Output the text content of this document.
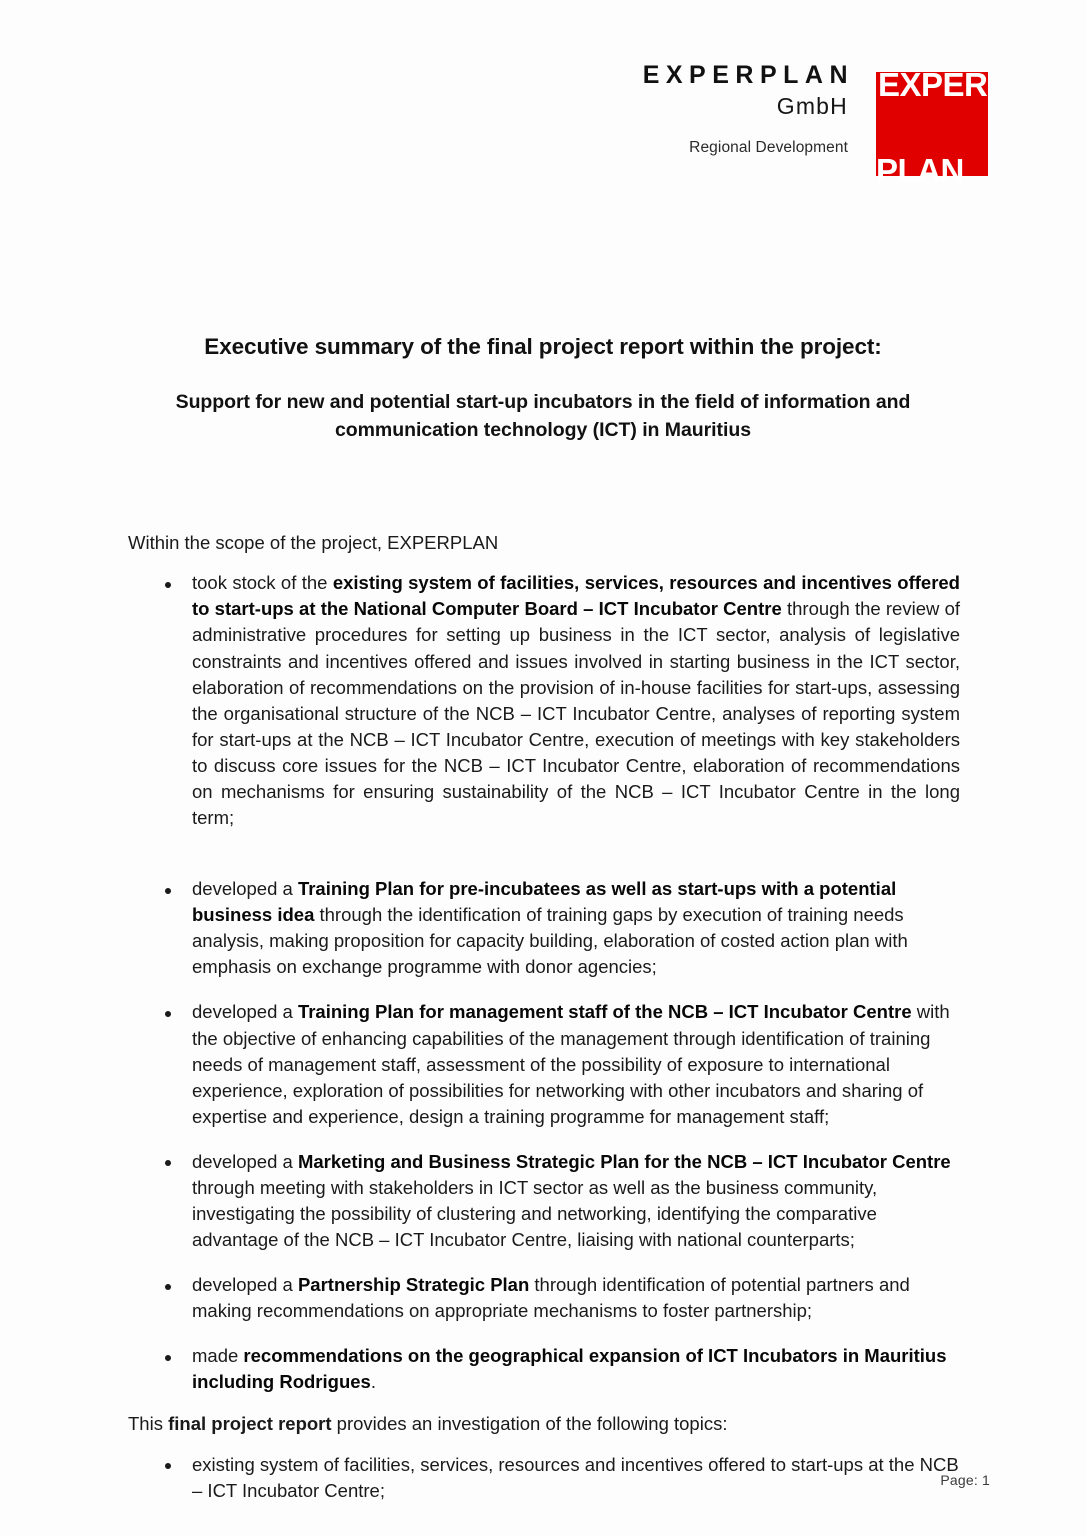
EXPERPLAN
GmbH
Regional Development
EXPER
PLAN
Executive summary of the final project report within the project:
Support for new and potential start-up incubators in the field of information and communication technology (ICT) in Mauritius

Within the scope of the project, EXPERPLAN

took stock of the existing system of facilities, services, resources and incentives offered to start-ups at the National Computer Board – ICT Incubator Centre through the review of administrative procedures for setting up business in the ICT sector, analysis of legislative constraints and incentives offered and issues involved in starting business in the ICT sector, elaboration of recommendations on the provision of in-house facilities for start-ups, assessing the organisational structure of the NCB – ICT Incubator Centre, analyses of reporting system for start-ups at the NCB – ICT Incubator Centre, execution of meetings with key stakeholders to discuss core issues for the NCB – ICT Incubator Centre, elaboration of recommendations on mechanisms for ensuring sustainability of the NCB – ICT Incubator Centre in the long term;
developed a Training Plan for pre-incubatees as well as start-ups with a potential business idea through the identification of training gaps by execution of training needs analysis, making proposition for capacity building, elaboration of costed action plan with emphasis on exchange programme with donor agencies;
developed a Training Plan for management staff of the NCB – ICT Incubator Centre with the objective of enhancing capabilities of the management through identification of training needs of management staff, assessment of the possibility of exposure to international experience, exploration of possibilities for networking with other incubators and sharing of expertise and experience, design a training programme for management staff;
developed a Marketing and Business Strategic Plan for the NCB – ICT Incubator Centre through meeting with stakeholders in ICT sector as well as the business community, investigating the possibility of clustering and networking, identifying the comparative advantage of the NCB – ICT Incubator Centre, liaising with national counterparts;
developed a Partnership Strategic Plan through identification of potential partners and making recommendations on appropriate mechanisms to foster partnership;
made recommendations on the geographical expansion of ICT Incubators in Mauritius including Rodrigues.

This final project report provides an investigation of the following topics:

existing system of facilities, services, resources and incentives offered to start-ups at the NCB – ICT Incubator Centre;	Page: 1
